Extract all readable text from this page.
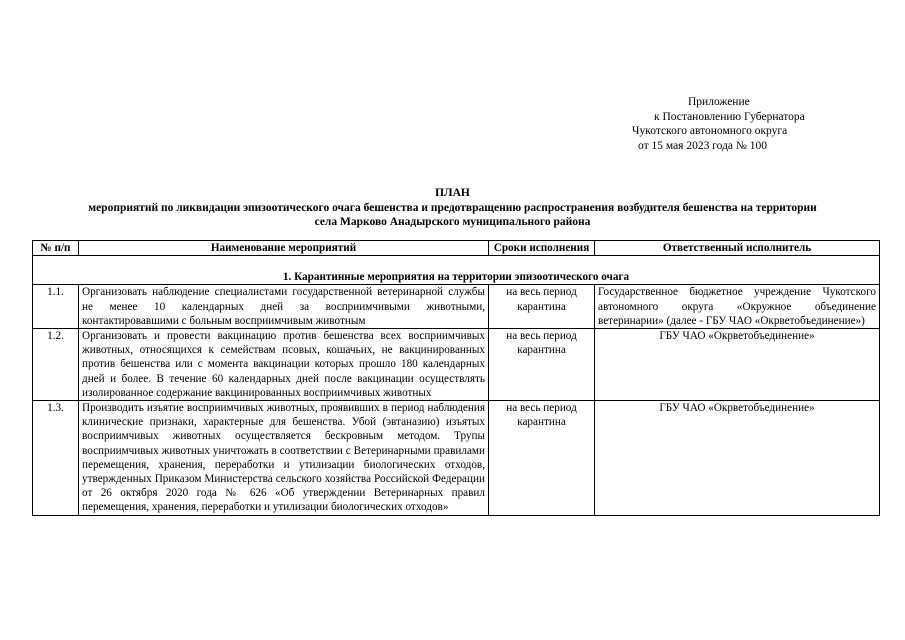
Приложение
к Постановлению Губернатора
Чукотского автономного округа
от 15 мая 2023 года № 100
ПЛАН
мероприятий по ликвидации эпизоотического очага бешенства и предотвращению распространения возбудителя бешенства на территории
села Марково Анадырского муниципального района
№ п/п	Наименование мероприятий	Сроки исполнения	Ответственный исполнитель

1. Карантинные мероприятия на территории эпизоотического очага			
1.1.	Организовать наблюдение специалистами государственной ветеринарной службы не менее 10 календарных дней за восприимчивыми животными, контактировавшими с больным восприимчивым животным	на весь период карантина	Государственное бюджетное учреждение Чукотского автономного округа «Окружное объединение ветеринарии» (далее - ГБУ ЧАО «Окрветобъединение»)
1.2.	Организовать и провести вакцинацию против бешенства всех восприимчивых животных, относящихся к семействам псовых, кошачьих, не вакцинированных против бешенства или с момента вакцинации которых прошло 180 календарных дней и более. В течение 60 календарных дней после вакцинации осуществлять изолированное содержание вакцинированных восприимчивых животных	на весь период карантина	ГБУ ЧАО «Окрветобъединение»
1.3.	Производить изъятие восприимчивых животных, проявивших в период наблюдения клинические признаки, характерные для бешенства. Убой (эвтаназию) изъятых восприимчивых животных осуществляется бескровным методом. Трупы восприимчивых животных уничтожать в соответствии с Ветеринарными правилами перемещения, хранения, переработки и утилизации биологических отходов, утвержденных Приказом Министерства сельского хозяйства Российской Федерации от 26 октября 2020 года № 626 «Об утверждении Ветеринарных правил перемещения, хранения, переработки и утилизации биологических отходов»	на весь период карантина	ГБУ ЧАО «Окрветобъединение»
